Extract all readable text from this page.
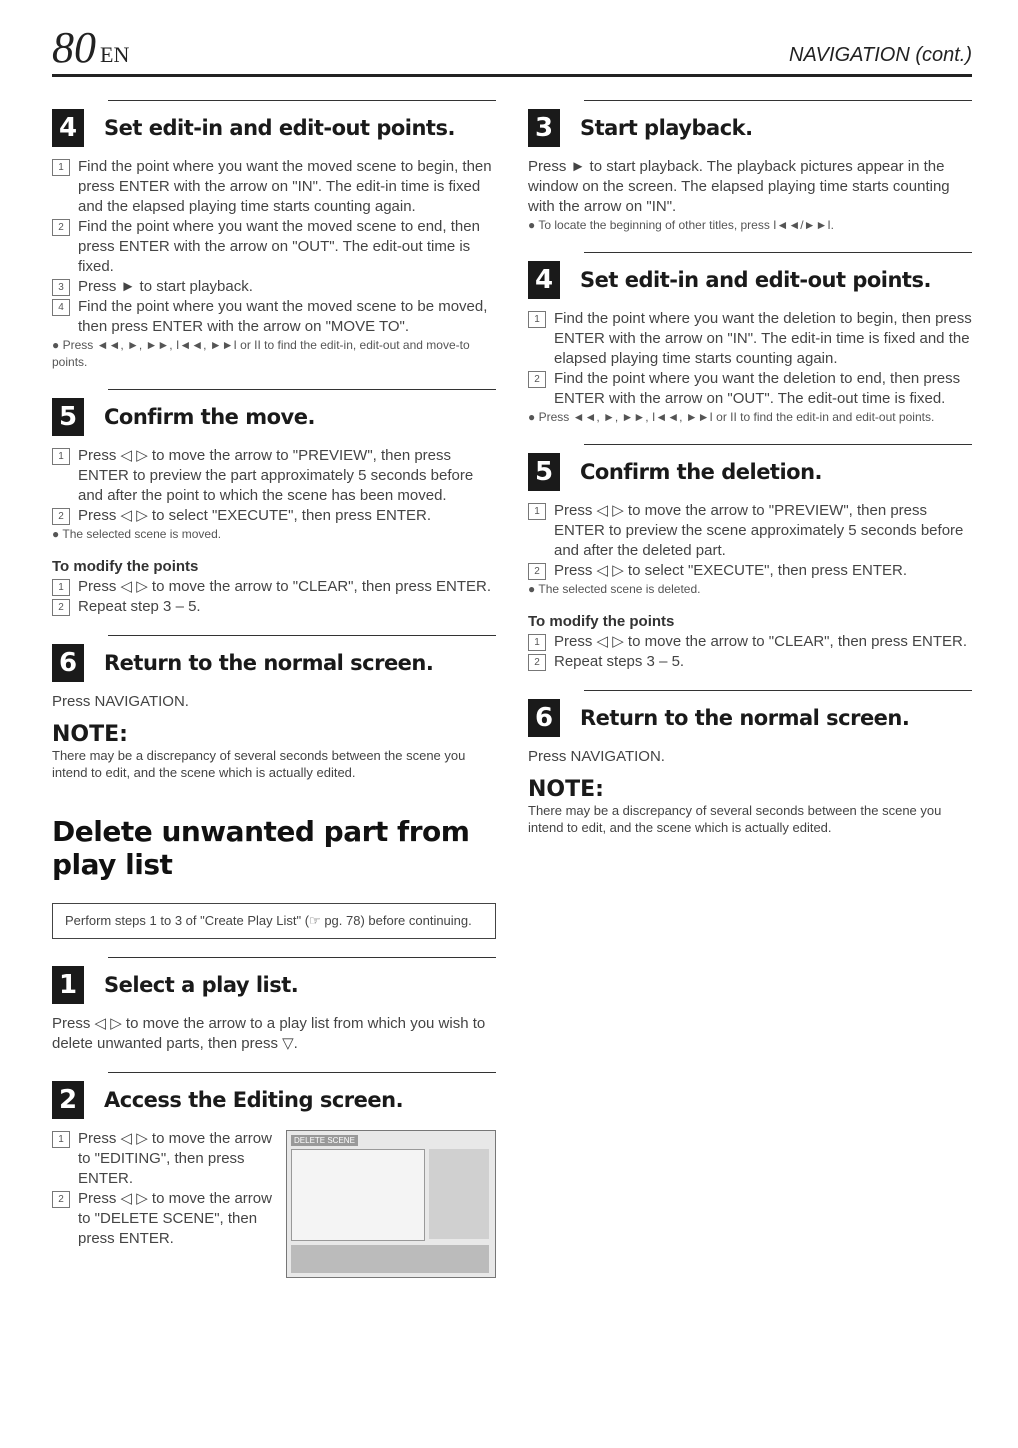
80 EN	NAVIGATION (cont.)
4	Set edit-in and edit-out points.
1 Find the point where you want the moved scene to begin, then press ENTER with the arrow on "IN". The edit-in time is fixed and the elapsed playing time starts counting again.
2 Find the point where you want the moved scene to end, then press ENTER with the arrow on "OUT". The edit-out time is fixed.
3 Press ► to start playback.
4 Find the point where you want the moved scene to be moved, then press ENTER with the arrow on "MOVE TO".
● Press ◄◄, ►, ►►, I◄◄, ►►I or II to find the edit-in, edit-out and move-to points.
5	Confirm the move.
1 Press ◁ ▷ to move the arrow to "PREVIEW", then press ENTER to preview the part approximately 5 seconds before and after the point to which the scene has been moved.
2 Press ◁ ▷ to select "EXECUTE", then press ENTER.
● The selected scene is moved.
To modify the points
1 Press ◁ ▷ to move the arrow to "CLEAR", then press ENTER.
2 Repeat step 3 – 5.
6	Return to the normal screen.
Press NAVIGATION.
NOTE:
There may be a discrepancy of several seconds between the scene you intend to edit, and the scene which is actually edited.
Delete unwanted part from play list
Perform steps 1 to 3 of "Create Play List" (☞ pg. 78) before continuing.
1	Select a play list.
Press ◁ ▷ to move the arrow to a play list from which you wish to delete unwanted parts, then press ▽.
2	Access the Editing screen.
1 Press ◁ ▷ to move the arrow to "EDITING", then press ENTER.
2 Press ◁ ▷ to move the arrow to "DELETE SCENE", then press ENTER.
DELETE SCENE
3	Start playback.
Press ► to start playback. The playback pictures appear in the window on the screen. The elapsed playing time starts counting with the arrow on "IN".
● To locate the beginning of other titles, press I◄◄/►►I.
4	Set edit-in and edit-out points.
1 Find the point where you want the deletion to begin, then press ENTER with the arrow on "IN". The edit-in time is fixed and the elapsed playing time starts counting again.
2 Find the point where you want the deletion to end, then press ENTER with the arrow on "OUT". The edit-out time is fixed.
● Press ◄◄, ►, ►►, I◄◄, ►►I or II to find the edit-in and edit-out points.
5	Confirm the deletion.
1 Press ◁ ▷ to move the arrow to "PREVIEW", then press ENTER to preview the scene approximately 5 seconds before and after the deleted part.
2 Press ◁ ▷ to select "EXECUTE", then press ENTER.
● The selected scene is deleted.
To modify the points
1 Press ◁ ▷ to move the arrow to "CLEAR", then press ENTER.
2 Repeat steps 3 – 5.
6	Return to the normal screen.
Press NAVIGATION.
NOTE:
There may be a discrepancy of several seconds between the scene you intend to edit, and the scene which is actually edited.
